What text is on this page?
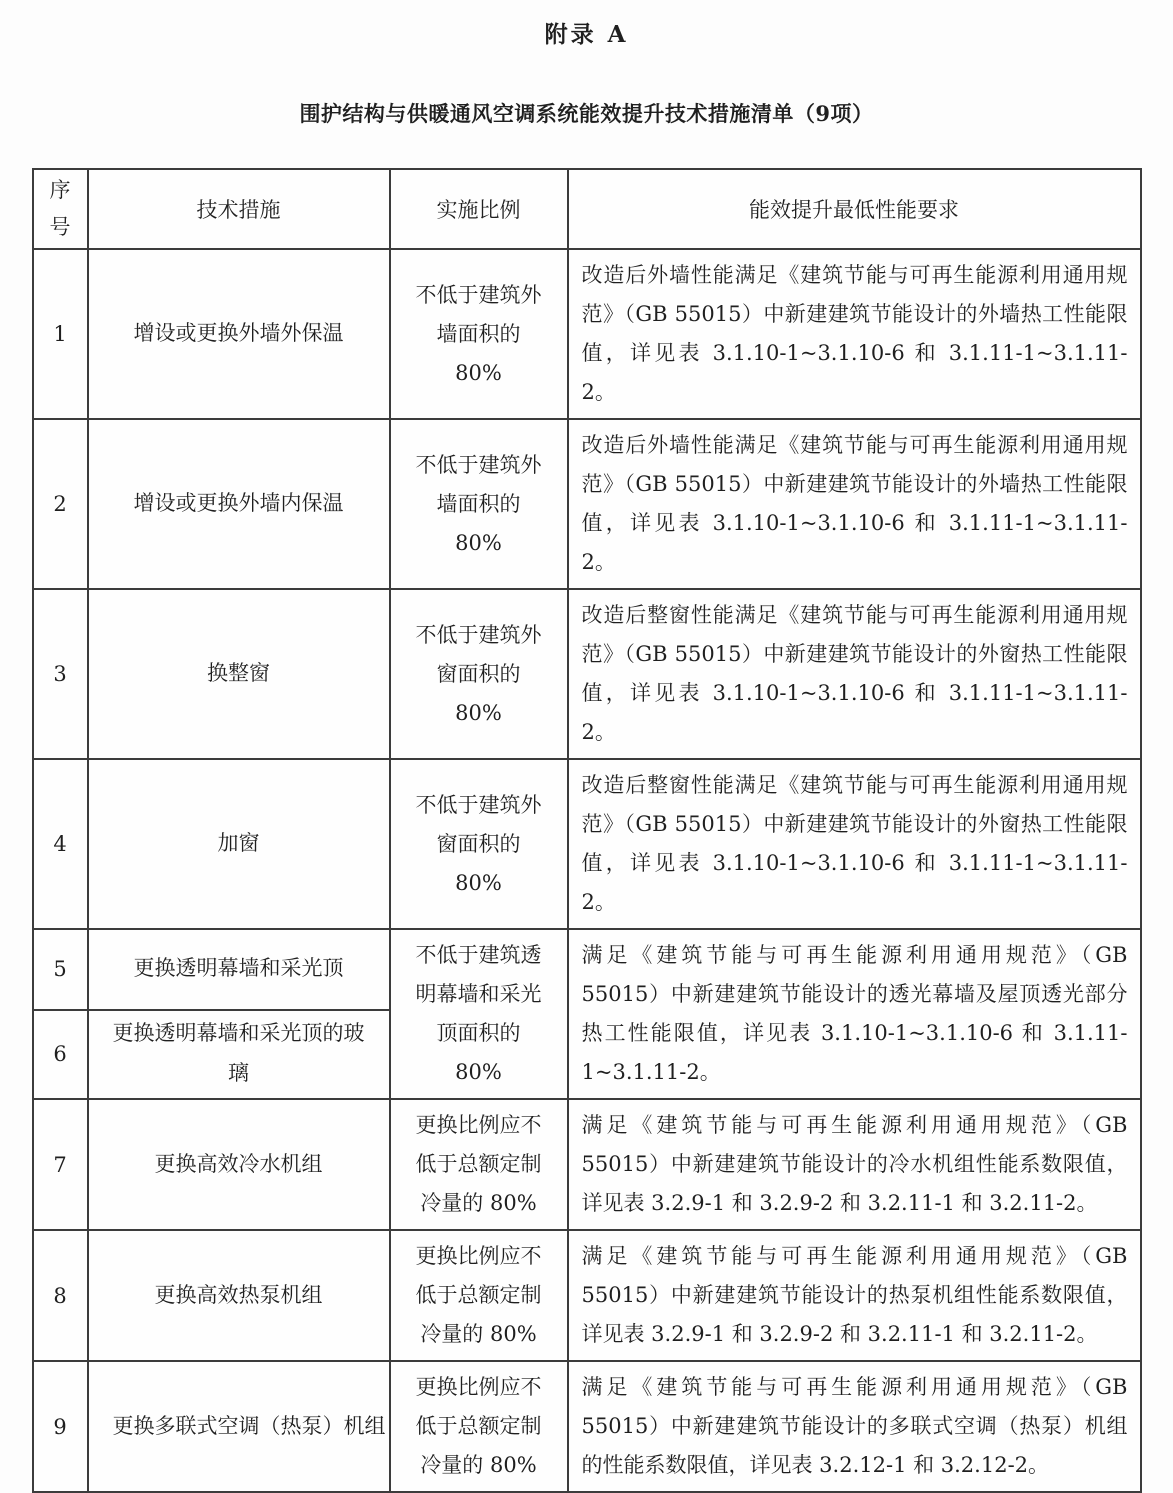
附录 A
围护结构与供暖通风空调系统能效提升技术措施清单（9项）
序号	技术措施	实施比例	能效提升最低性能要求
1	增设或更换外墙外保温	不低于建筑外墙面积的 80%	改造后外墙性能满足《建筑节能与可再生能源利用通用规范》（GB 55015）中新建建筑节能设计的外墙热工性能限值，详见表 3.1.10-1~3.1.10-6 和 3.1.11-1~3.1.11-2。
2	增设或更换外墙内保温	不低于建筑外墙面积的 80%	改造后外墙性能满足《建筑节能与可再生能源利用通用规范》（GB 55015）中新建建筑节能设计的外墙热工性能限值，详见表 3.1.10-1~3.1.10-6 和 3.1.11-1~3.1.11-2。
3	换整窗	不低于建筑外窗面积的 80%	改造后整窗性能满足《建筑节能与可再生能源利用通用规范》（GB 55015）中新建建筑节能设计的外窗热工性能限值，详见表 3.1.10-1~3.1.10-6 和 3.1.11-1~3.1.11-2。
4	加窗	不低于建筑外窗面积的 80%	改造后整窗性能满足《建筑节能与可再生能源利用通用规范》（GB 55015）中新建建筑节能设计的外窗热工性能限值，详见表 3.1.10-1~3.1.10-6 和 3.1.11-1~3.1.11-2。
5	更换透明幕墙和采光顶	不低于建筑透明幕墙和采光顶面积的 80%	满足《建筑节能与可再生能源利用通用规范》（GB 55015）中新建建筑节能设计的透光幕墙及屋顶透光部分热工性能限值，详见表 3.1.10-1~3.1.10-6 和 3.1.11-1~3.1.11-2。
6	更换透明幕墙和采光顶的玻璃		
7	更换高效冷水机组	更换比例应不低于总额定制冷量的 80%	满足《建筑节能与可再生能源利用通用规范》（GB 55015）中新建建筑节能设计的冷水机组性能系数限值，详见表 3.2.9-1 和 3.2.9-2 和 3.2.11-1 和 3.2.11-2。
8	更换高效热泵机组	更换比例应不低于总额定制冷量的 80%	满足《建筑节能与可再生能源利用通用规范》（GB 55015）中新建建筑节能设计的热泵机组性能系数限值，详见表 3.2.9-1 和 3.2.9-2 和 3.2.11-1 和 3.2.11-2。
9	更换多联式空调（热泵）机组	更换比例应不低于总额定制冷量的 80%	满足《建筑节能与可再生能源利用通用规范》（GB 55015）中新建建筑节能设计的多联式空调（热泵）机组的性能系数限值，详见表 3.2.12-1 和 3.2.12-2。
